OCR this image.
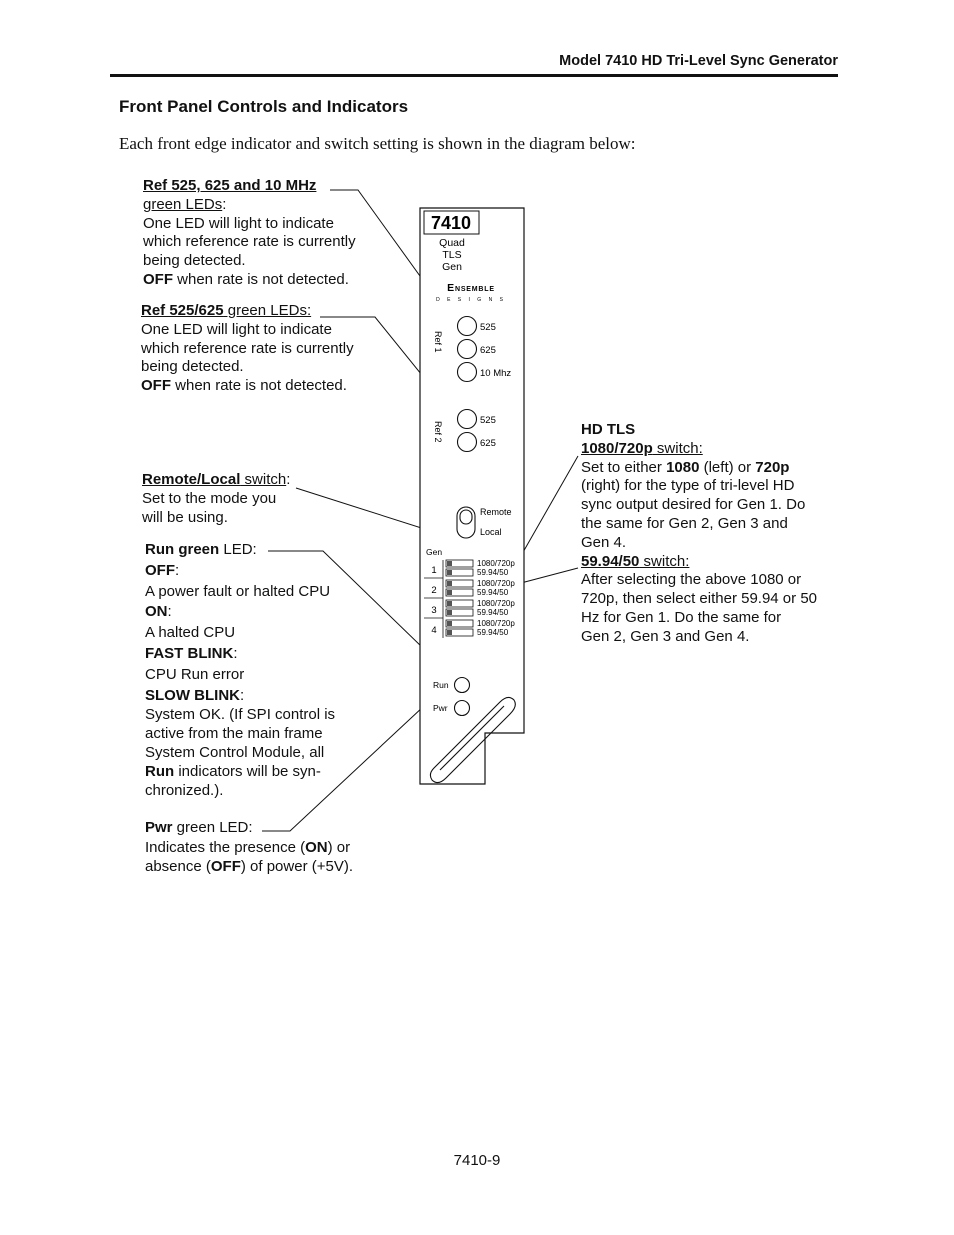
Model 7410 HD Tri-Level Sync Generator
Front Panel Controls and Indicators
Each front edge indicator and switch setting is shown in the diagram below:
Ref 525, 625 and 10 MHz
green LEDs:
One LED will light to indicate
which reference rate is currently
being detected.
OFF when rate is not detected.
Ref 525/625 green LEDs:
One LED will light to indicate
which reference rate is currently
being detected.
OFF when rate is not detected.
Remote/Local switch:
Set to the mode you
will be using.
Run green LED:
OFF:
A power fault or halted CPU
ON:
A halted CPU
FAST BLINK:
CPU Run error
SLOW BLINK:
System OK. (If SPI control is
active from the main frame
System Control Module, all
Run indicators will be syn-
chronized.).
Pwr green LED:
Indicates the presence (ON) or
absence (OFF) of power (+5V).
HD TLS
1080/720p switch:
Set to either 1080 (left) or 720p
(right) for the type of tri-level HD
sync output desired for Gen 1. Do
the same for Gen 2, Gen 3 and
Gen 4.
59.94/50 switch:
After selecting the above 1080 or
720p, then select either 59.94 or 50
Hz for Gen 1. Do the same for
Gen 2, Gen 3 and Gen 4.
7410
Quad
TLS
Gen
Ensemble
D E S I G N S
Ref 1
Ref 2
525
625
10 Mhz
525
625
Remote
Local
Gen
1
2
3
4
1080/720p
59.94/50
1080/720p
59.94/50
1080/720p
59.94/50
1080/720p
59.94/50
Run
Pwr
7410-9
